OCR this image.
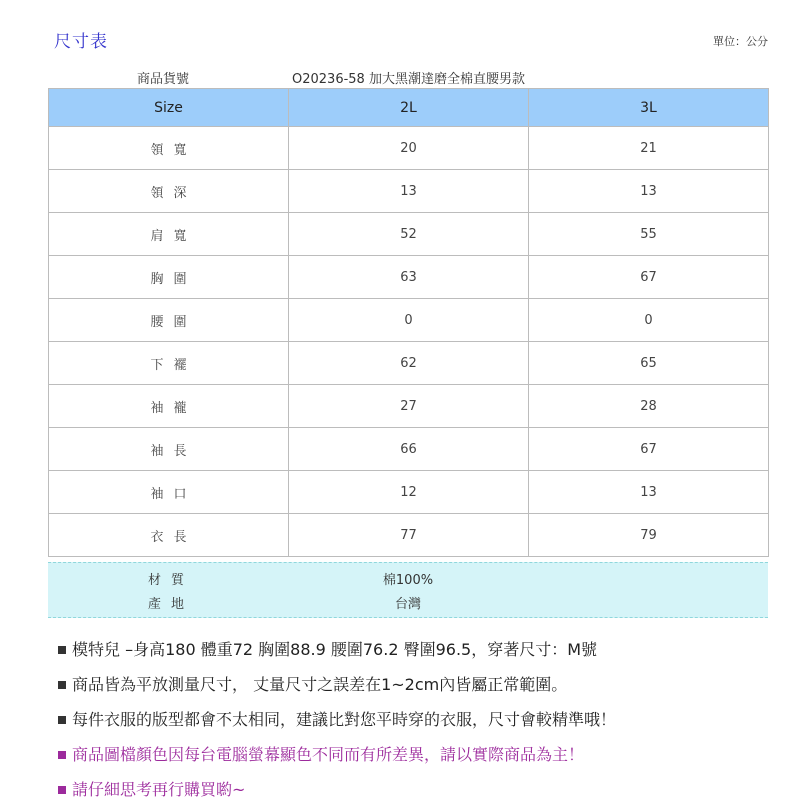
尺寸表	單位：公分
商品貨號	O20236-58 加大黑潮達磨全棉直腰男款
Size	2L	3L
領寬	20	21
領深	13	13
肩寬	52	55
胸圍	63	67
腰圍	0	0
下襬	62	65
袖襱	27	28
袖長	66	67
袖口	12	13
衣長	77	79
材質	棉100%
產地	台灣
模特兒 –身高180 體重72 胸圍88.9 腰圍76.2 臀圍96.5，穿著尺寸：M號
商品皆為平放測量尺寸， 丈量尺寸之誤差在1~2cm內皆屬正常範圍。
每件衣服的版型都會不太相同，建議比對您平時穿的衣服，尺寸會較精準哦！
商品圖檔顏色因每台電腦螢幕顯色不同而有所差異，請以實際商品為主！
請仔細思考再行購買喲~
